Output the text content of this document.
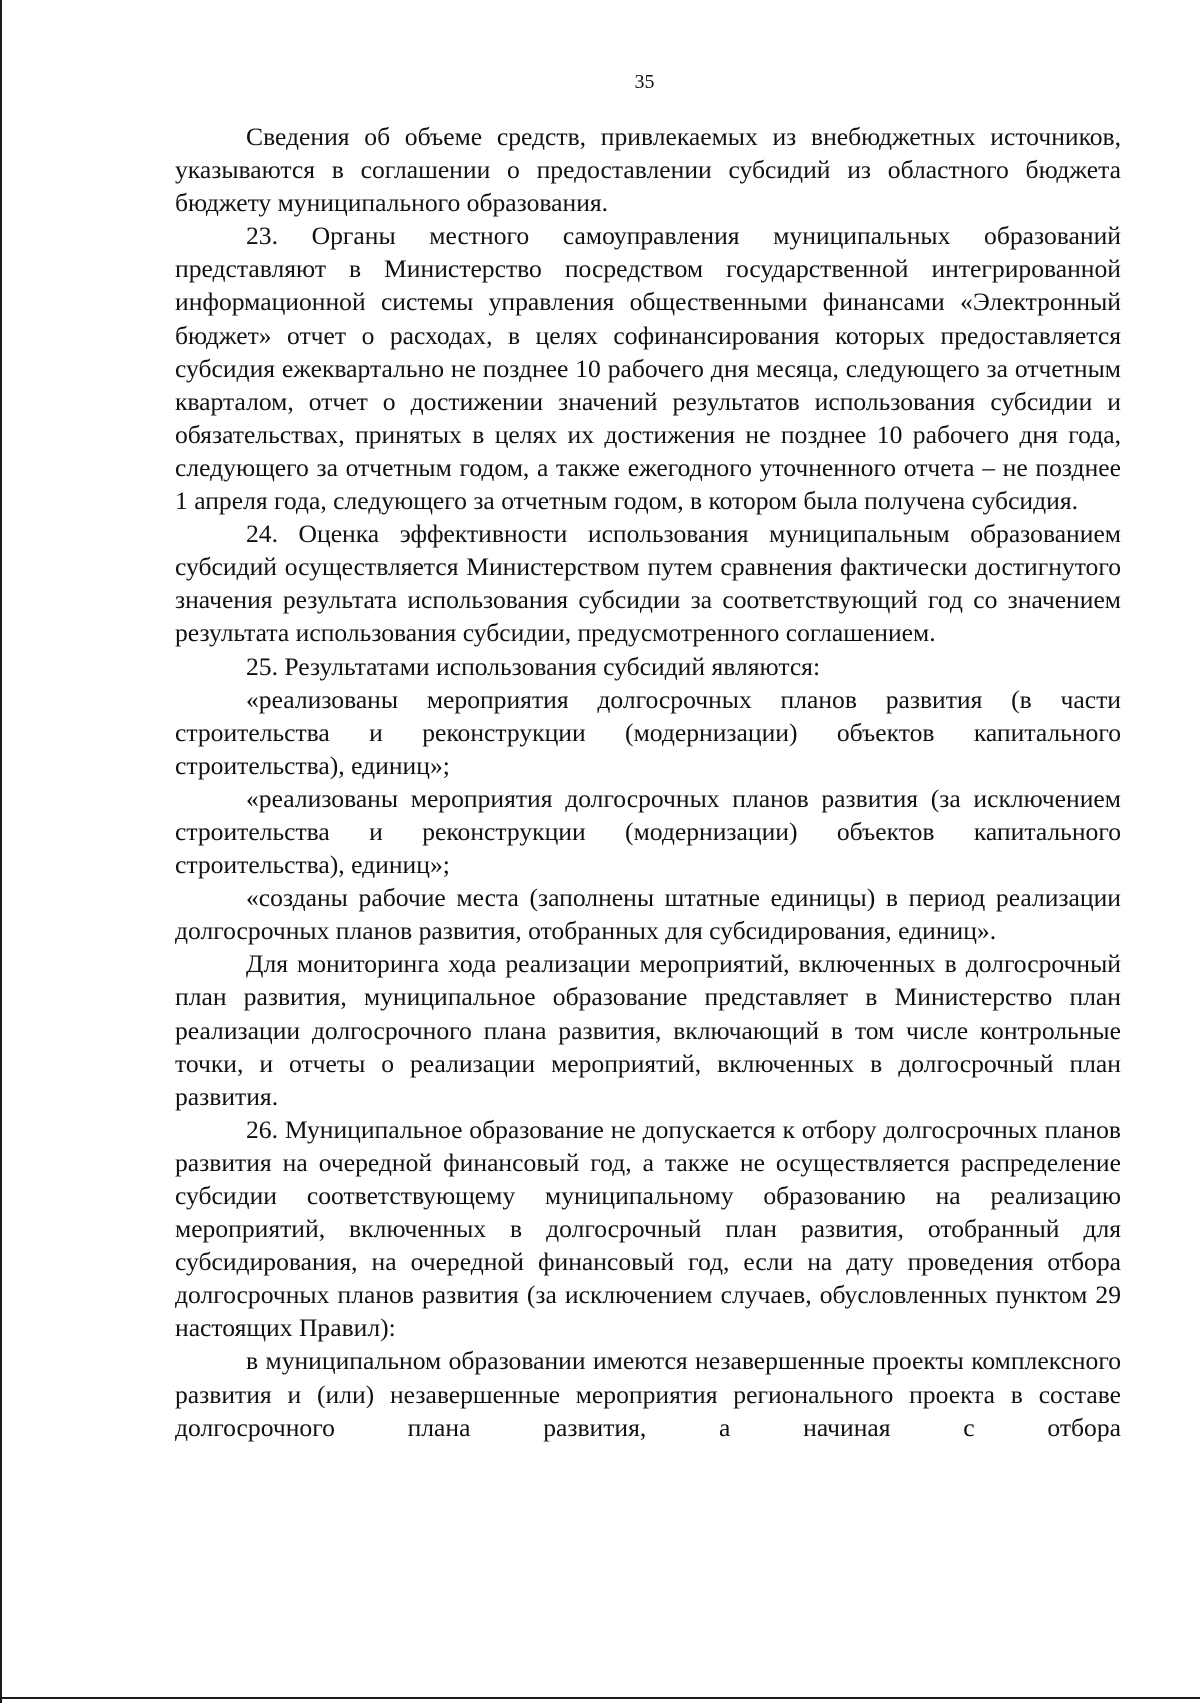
35

Сведения об объеме средств, привлекаемых из внебюджетных источников, указываются в соглашении о предоставлении субсидий из областного бюджета бюджету муниципального образования.

23. Органы местного самоуправления муниципальных образований представляют в Министерство посредством государственной интегрированной информационной системы управления общественными финансами «Электронный бюджет» отчет о расходах, в целях софинансирования которых предоставляется субсидия ежеквартально не позднее 10 рабочего дня месяца, следующего за отчетным кварталом, отчет о достижении значений результатов использования субсидии и обязательствах, принятых в целях их достижения не позднее 10 рабочего дня года, следующего за отчетным годом, а также ежегодного уточненного отчета – не позднее 1 апреля года, следующего за отчетным годом, в котором была получена субсидия.

24. Оценка эффективности использования муниципальным образованием субсидий осуществляется Министерством путем сравнения фактически достигнутого значения результата использования субсидии за соответствующий год со значением результата использования субсидии, предусмотренного соглашением.

25. Результатами использования субсидий являются:

«реализованы мероприятия долгосрочных планов развития (в части строительства и реконструкции (модернизации) объектов капитального строительства), единиц»;

«реализованы мероприятия долгосрочных планов развития (за исключением строительства и реконструкции (модернизации) объектов капитального строительства), единиц»;

«созданы рабочие места (заполнены штатные единицы) в период реализации долгосрочных планов развития, отобранных для субсидирования, единиц».

Для мониторинга хода реализации мероприятий, включенных в долгосрочный план развития, муниципальное образование представляет в Министерство план реализации долгосрочного плана развития, включающий в том числе контрольные точки, и отчеты о реализации мероприятий, включенных в долгосрочный план развития.

26. Муниципальное образование не допускается к отбору долгосрочных планов развития на очередной финансовый год, а также не осуществляется распределение субсидии соответствующему муниципальному образованию на реализацию мероприятий, включенных в долгосрочный план развития, отобранный для субсидирования, на очередной финансовый год, если на дату проведения отбора долгосрочных планов развития (за исключением случаев, обусловленных пунктом 29 настоящих Правил):

в муниципальном образовании имеются незавершенные проекты комплексного развития и (или) незавершенные мероприятия регионального проекта в составе долгосрочного плана развития, а начиная с отбора
